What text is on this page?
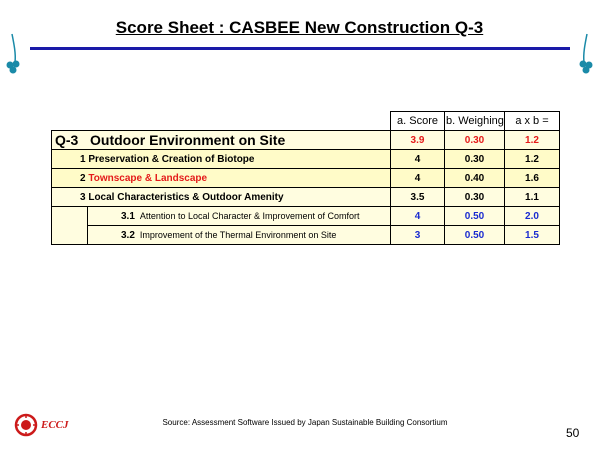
Score Sheet : CASBEE New Construction Q-3
		a. Score	b. Weighing	a x b =
Q-3 Outdoor Environment on Site		3.9	0.30	1.2
1 Preservation & Creation of Biotope		4	0.30	1.2
2 Townscape & Landscape		4	0.40	1.6
3 Local Characteristics & Outdoor Amenity		3.5	0.30	1.1
	3.1 Attention to Local Character & Improvement of Comfort	4	0.50	2.0
	3.2 Improvement of the Thermal Environment on Site	3	0.50	1.5
ECCJ	Source: Assessment Software Issued by Japan Sustainable Building Consortium
50
